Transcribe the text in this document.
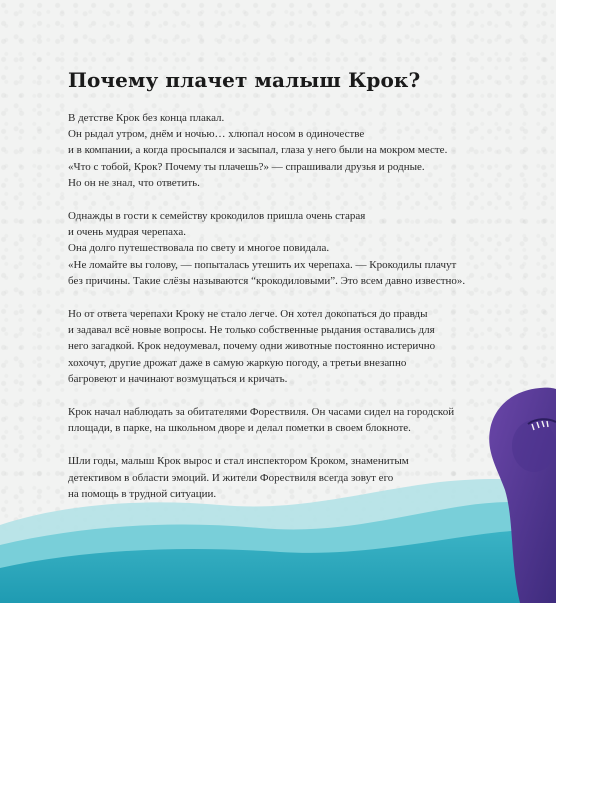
Почему плачет малыш Крок?

В детстве Крок без конца плакал.
Он рыдал утром, днём и ночью… хлюпал носом в одиночестве
и в компании, а когда просыпался и засыпал, глаза у него были на мокром месте.
«Что с тобой, Крок? Почему ты плачешь?» — спрашивали друзья и родные.
Но он не знал, что ответить.

Однажды в гости к семейству крокодилов пришла очень старая
и очень мудрая черепаха.
Она долго путешествовала по свету и многое повидала.
«Не ломайте вы голову, — попыталась утешить их черепаха. — Крокодилы плачут
без причины. Такие слёзы называются “крокодиловыми”. Это всем давно известно».

Но от ответа черепахи Кроку не стало легче. Он хотел докопаться до правды
и задавал всё новые вопросы. Не только собственные рыдания оставались для
него загадкой. Крок недоумевал, почему одни животные постоянно истерично
хохочут, другие дрожат даже в самую жаркую погоду, а третьи внезапно
багровеют и начинают возмущаться и кричать.

Крок начал наблюдать за обитателями Форествиля. Он часами сидел на городской
площади, в парке, на школьном дворе и делал пометки в своем блокноте.

Шли годы, малыш Крок вырос и стал инспектором Кроком, знаменитым
детективом в области эмоций. И жители Форествиля всегда зовут его
на помощь в трудной ситуации.
